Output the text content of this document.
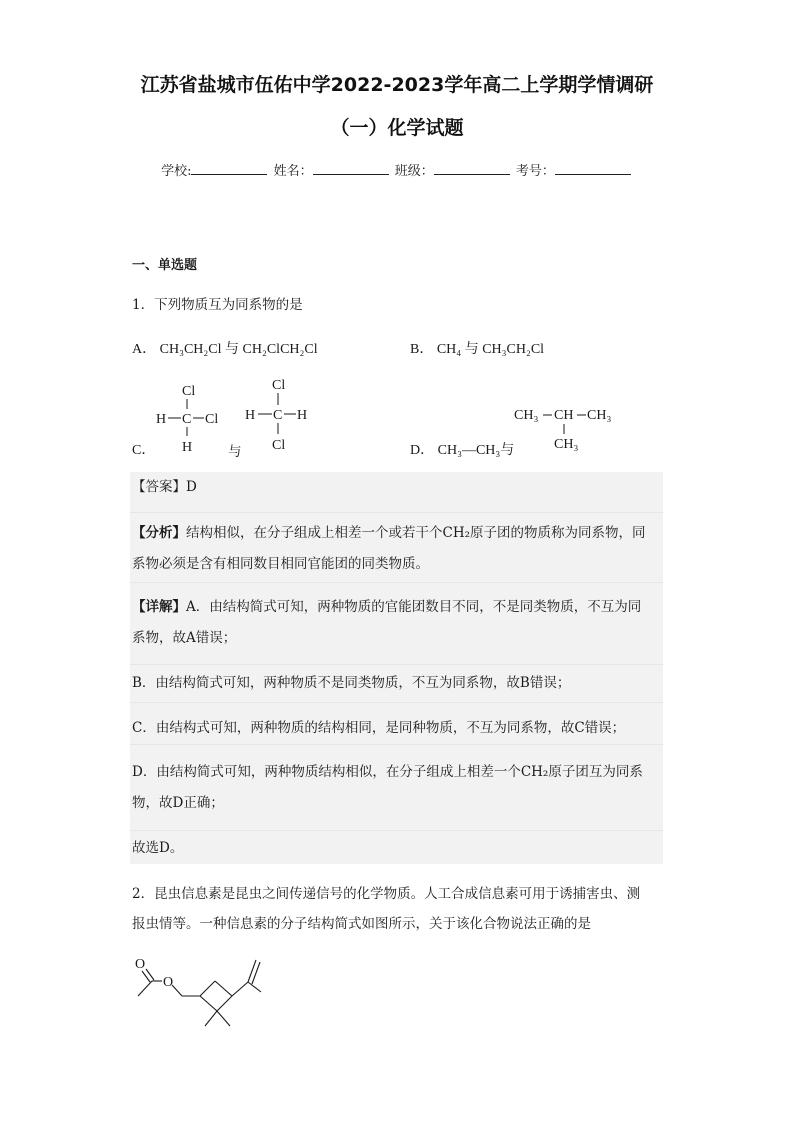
江苏省盐城市伍佑中学2022-2023学年高二上学期学情调研
（一）化学试题
学校:	姓名：	班级：	考号：
一、单选题
1．下列物质互为同系物的是
A． CH₃CH₂Cl 与 CH₂ClCH₂Cl	B． CH₄ 与 CH₃CH₂Cl
C．
Cl
H C Cl
H	与
Cl
H C H
Cl	D． CH₃—CH₃与
CH₃ CH CH₃
CH₃
【答案】D
【分析】结构相似，在分子组成上相差一个或若干个CH₂原子团的物质称为同系物，同
系物必须是含有相同数目相同官能团的同类物质。
【详解】A．由结构简式可知，两种物质的官能团数目不同，不是同类物质，不互为同
系物，故A错误；
B．由结构简式可知，两种物质不是同类物质，不互为同系物，故B错误；
C．由结构式可知，两种物质的结构相同，是同种物质，不互为同系物，故C错误；
D．由结构简式可知，两种物质结构相似，在分子组成上相差一个CH₂原子团互为同系
物，故D正确；
故选D。
2．昆虫信息素是昆虫之间传递信号的化学物质。人工合成信息素可用于诱捕害虫、测
报虫情等。一种信息素的分子结构简式如图所示，关于该化合物说法正确的是
O
O
